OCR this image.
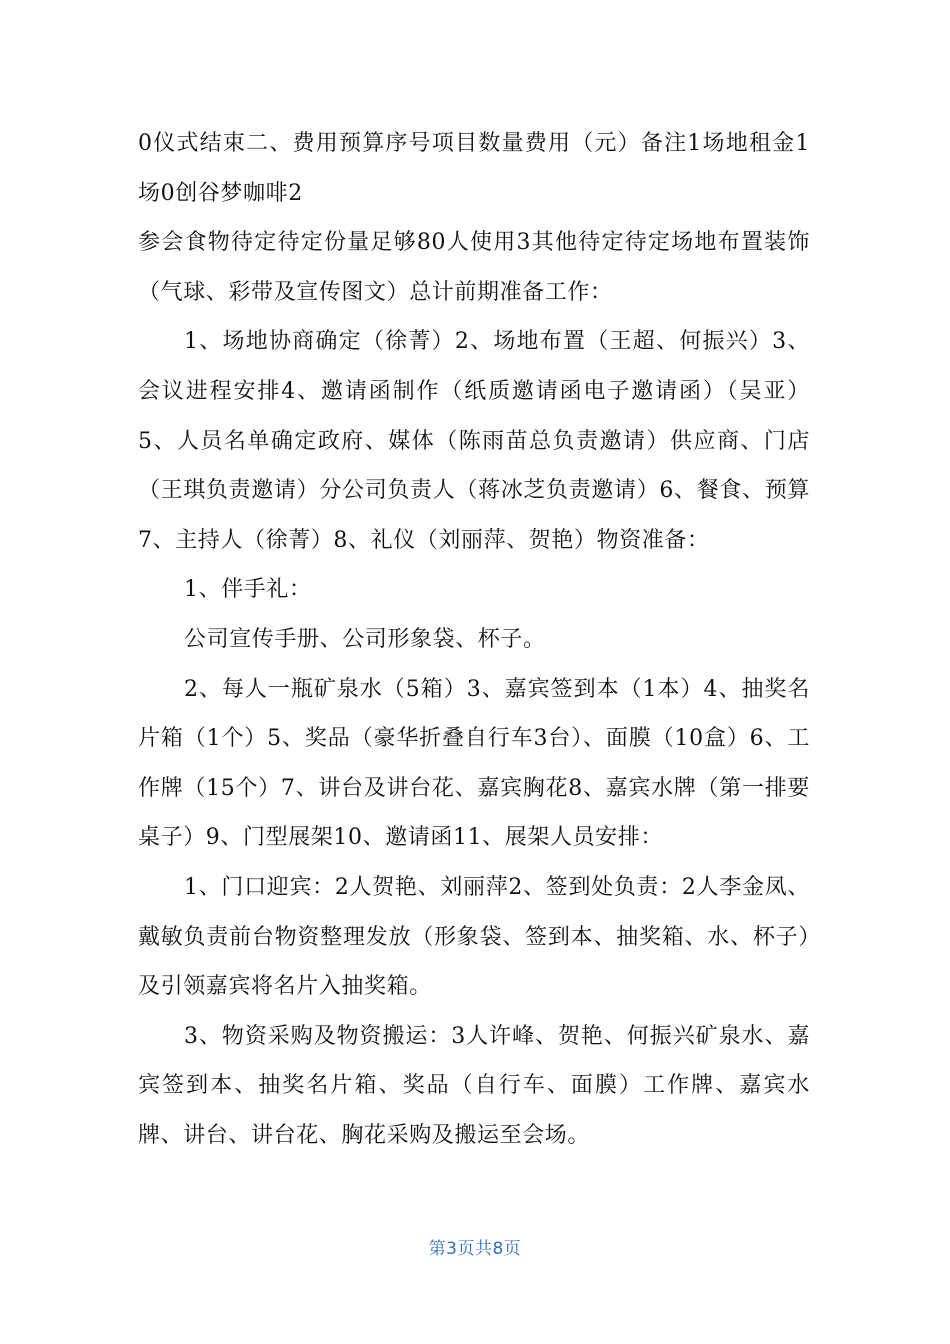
0仪式结束二、费用预算序号项目数量费用（元）备注1场地租金1场0创谷梦咖啡2

参会食物待定待定份量足够80人使用3其他待定待定场地布置装饰（气球、彩带及宣传图文）总计前期准备工作：

1、场地协商确定（徐菁）2、场地布置（王超、何振兴）3、会议进程安排4、邀请函制作（纸质邀请函电子邀请函）（吴亚）5、人员名单确定政府、媒体（陈雨苗总负责邀请）供应商、门店（王琪负责邀请）分公司负责人（蒋冰芝负责邀请）6、餐食、预算7、主持人（徐菁）8、礼仪（刘丽萍、贺艳）物资准备：

1、伴手礼：

公司宣传手册、公司形象袋、杯子。

2、每人一瓶矿泉水（5箱）3、嘉宾签到本（1本）4、抽奖名片箱（1个）5、奖品（豪华折叠自行车3台）、面膜（10盒）6、工作牌（15个）7、讲台及讲台花、嘉宾胸花8、嘉宾水牌（第一排要桌子）9、门型展架10、邀请函11、展架人员安排：

1、门口迎宾：2人贺艳、刘丽萍2、签到处负责：2人李金凤、戴敏负责前台物资整理发放（形象袋、签到本、抽奖箱、水、杯子）及引领嘉宾将名片入抽奖箱。

3、物资采购及物资搬运：3人许峰、贺艳、何振兴矿泉水、嘉宾签到本、抽奖名片箱、奖品（自行车、面膜）工作牌、嘉宾水牌、讲台、讲台花、胸花采购及搬运至会场。

第3页共8页
